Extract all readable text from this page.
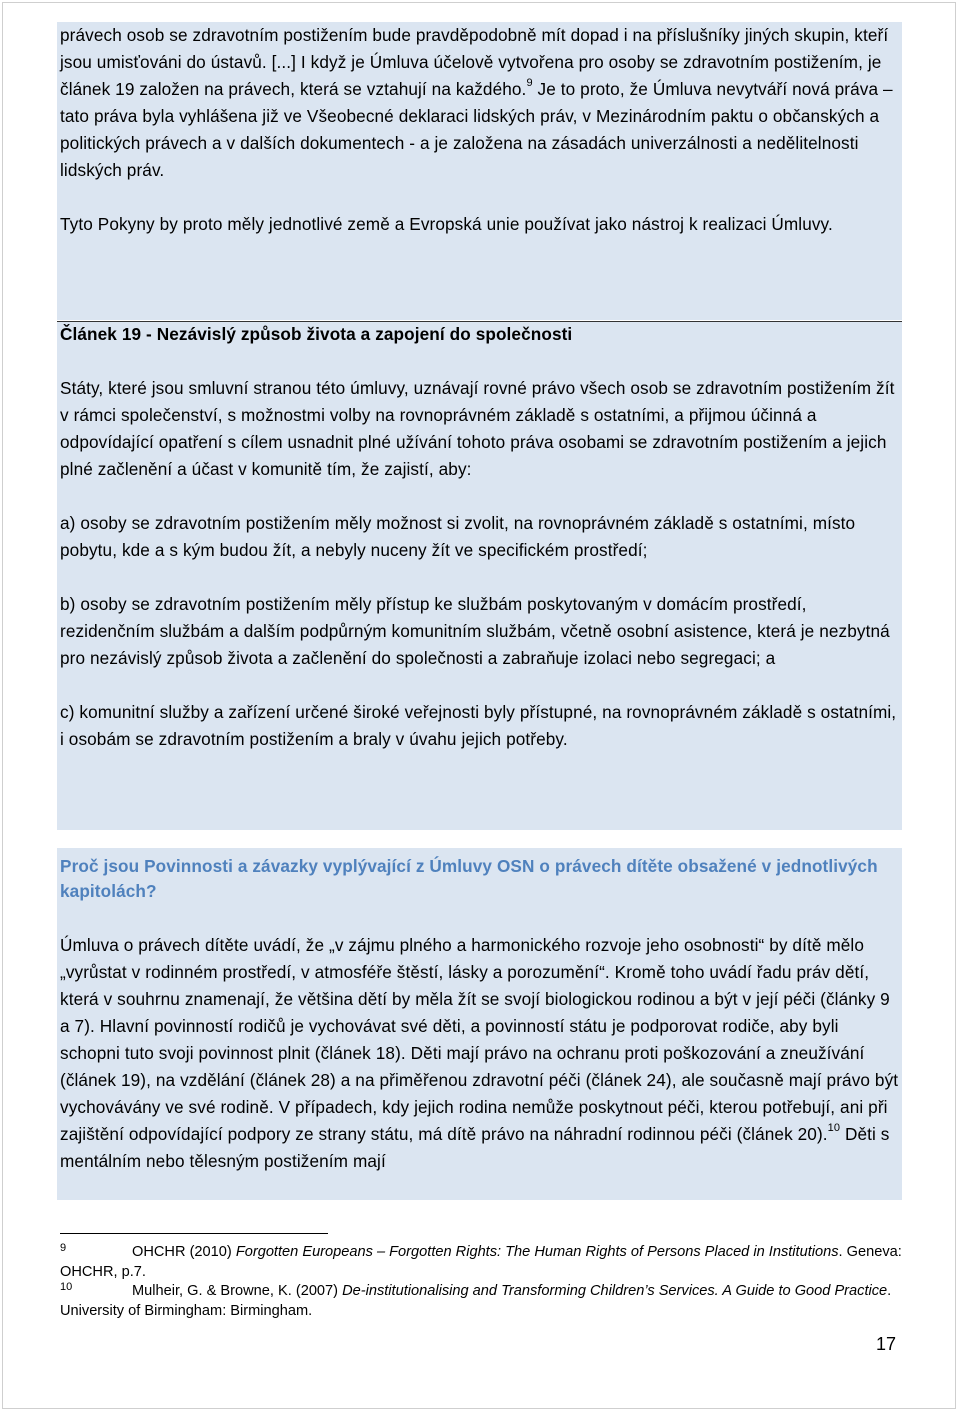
právech osob se zdravotním postižením bude pravděpodobně mít dopad i na příslušníky jiných skupin, kteří jsou umisťováni do ústavů. [...] I když je Úmluva účelově vytvořena pro osoby se zdravotním postižením, je článek 19 založen na právech, která se vztahují na každého.$^9$ Je to proto, že Úmluva nevytváří nová práva – tato práva byla vyhlášena již ve Všeobecné deklaraci lidských práv, v Mezinárodním paktu o občanských a politických právech a v dalších dokumentech - a je založena na zásadách univerzálnosti a nedělitelnosti lidských práv.

Tyto Pokyny by proto měly jednotlivé země a Evropská unie používat jako nástroj k realizaci Úmluvy.

Článek 19 - Nezávislý způsob života a zapojení do společnosti

Státy, které jsou smluvní stranou této úmluvy, uznávají rovné právo všech osob se zdravotním postižením žít v rámci společenství, s možnostmi volby na rovnoprávném základě s ostatními, a přijmou účinná a odpovídající opatření s cílem usnadnit plné užívání tohoto práva osobami se zdravotním postižením a jejich plné začlenění a účast v komunitě tím, že zajistí, aby:

a) osoby se zdravotním postižením měly možnost si zvolit, na rovnoprávném základě s ostatními, místo pobytu, kde a s kým budou žít, a nebyly nuceny žít ve specifickém prostředí;

b) osoby se zdravotním postižením měly přístup ke službám poskytovaným v domácím prostředí, rezidenčním službám a dalším podpůrným komunitním službám, včetně osobní asistence, která je nezbytná pro nezávislý způsob života a začlenění do společnosti a zabraňuje izolaci nebo segregaci; a

c) komunitní služby a zařízení určené široké veřejnosti byly přístupné, na rovnoprávném základě s ostatními, i osobám se zdravotním postižením a braly v úvahu jejich potřeby.

Proč jsou Povinnosti a závazky vyplývající z Úmluvy OSN o právech dítěte obsažené v jednotlivých kapitolách?

Úmluva o právech dítěte uvádí, že „v zájmu plného a harmonického rozvoje jeho osobnosti“ by dítě mělo „vyrůstat v rodinném prostředí, v atmosféře štěstí, lásky a porozumění“. Kromě toho uvádí řadu práv dětí, která v souhrnu znamenají, že většina dětí by měla žít se svojí biologickou rodinou a být v její péči (články 9 a 7). Hlavní povinností rodičů je vychovávat své děti, a povinností státu je podporovat rodiče, aby byli schopni tuto svoji povinnost plnit (článek 18). Děti mají právo na ochranu proti poškozování a zneužívání (článek 19), na vzdělání (článek 28) a na přiměřenou zdravotní péči (článek 24), ale současně mají právo být vychovávány ve své rodině. V případech, kdy jejich rodina nemůže poskytnout péči, kterou potřebují, ani při zajištění odpovídající podpory ze strany státu, má dítě právo na náhradní rodinnou péči (článek 20).$^{10}$ Děti s mentálním nebo tělesným postižením mají

9	OHCHR (2010) Forgotten Europeans – Forgotten Rights: The Human Rights of Persons Placed in Institutions. Geneva: OHCHR, p.7.

10	Mulheir, G. & Browne, K. (2007) De-institutionalising and Transforming Children’s Services. A Guide to Good Practice. University of Birmingham: Birmingham.

17
